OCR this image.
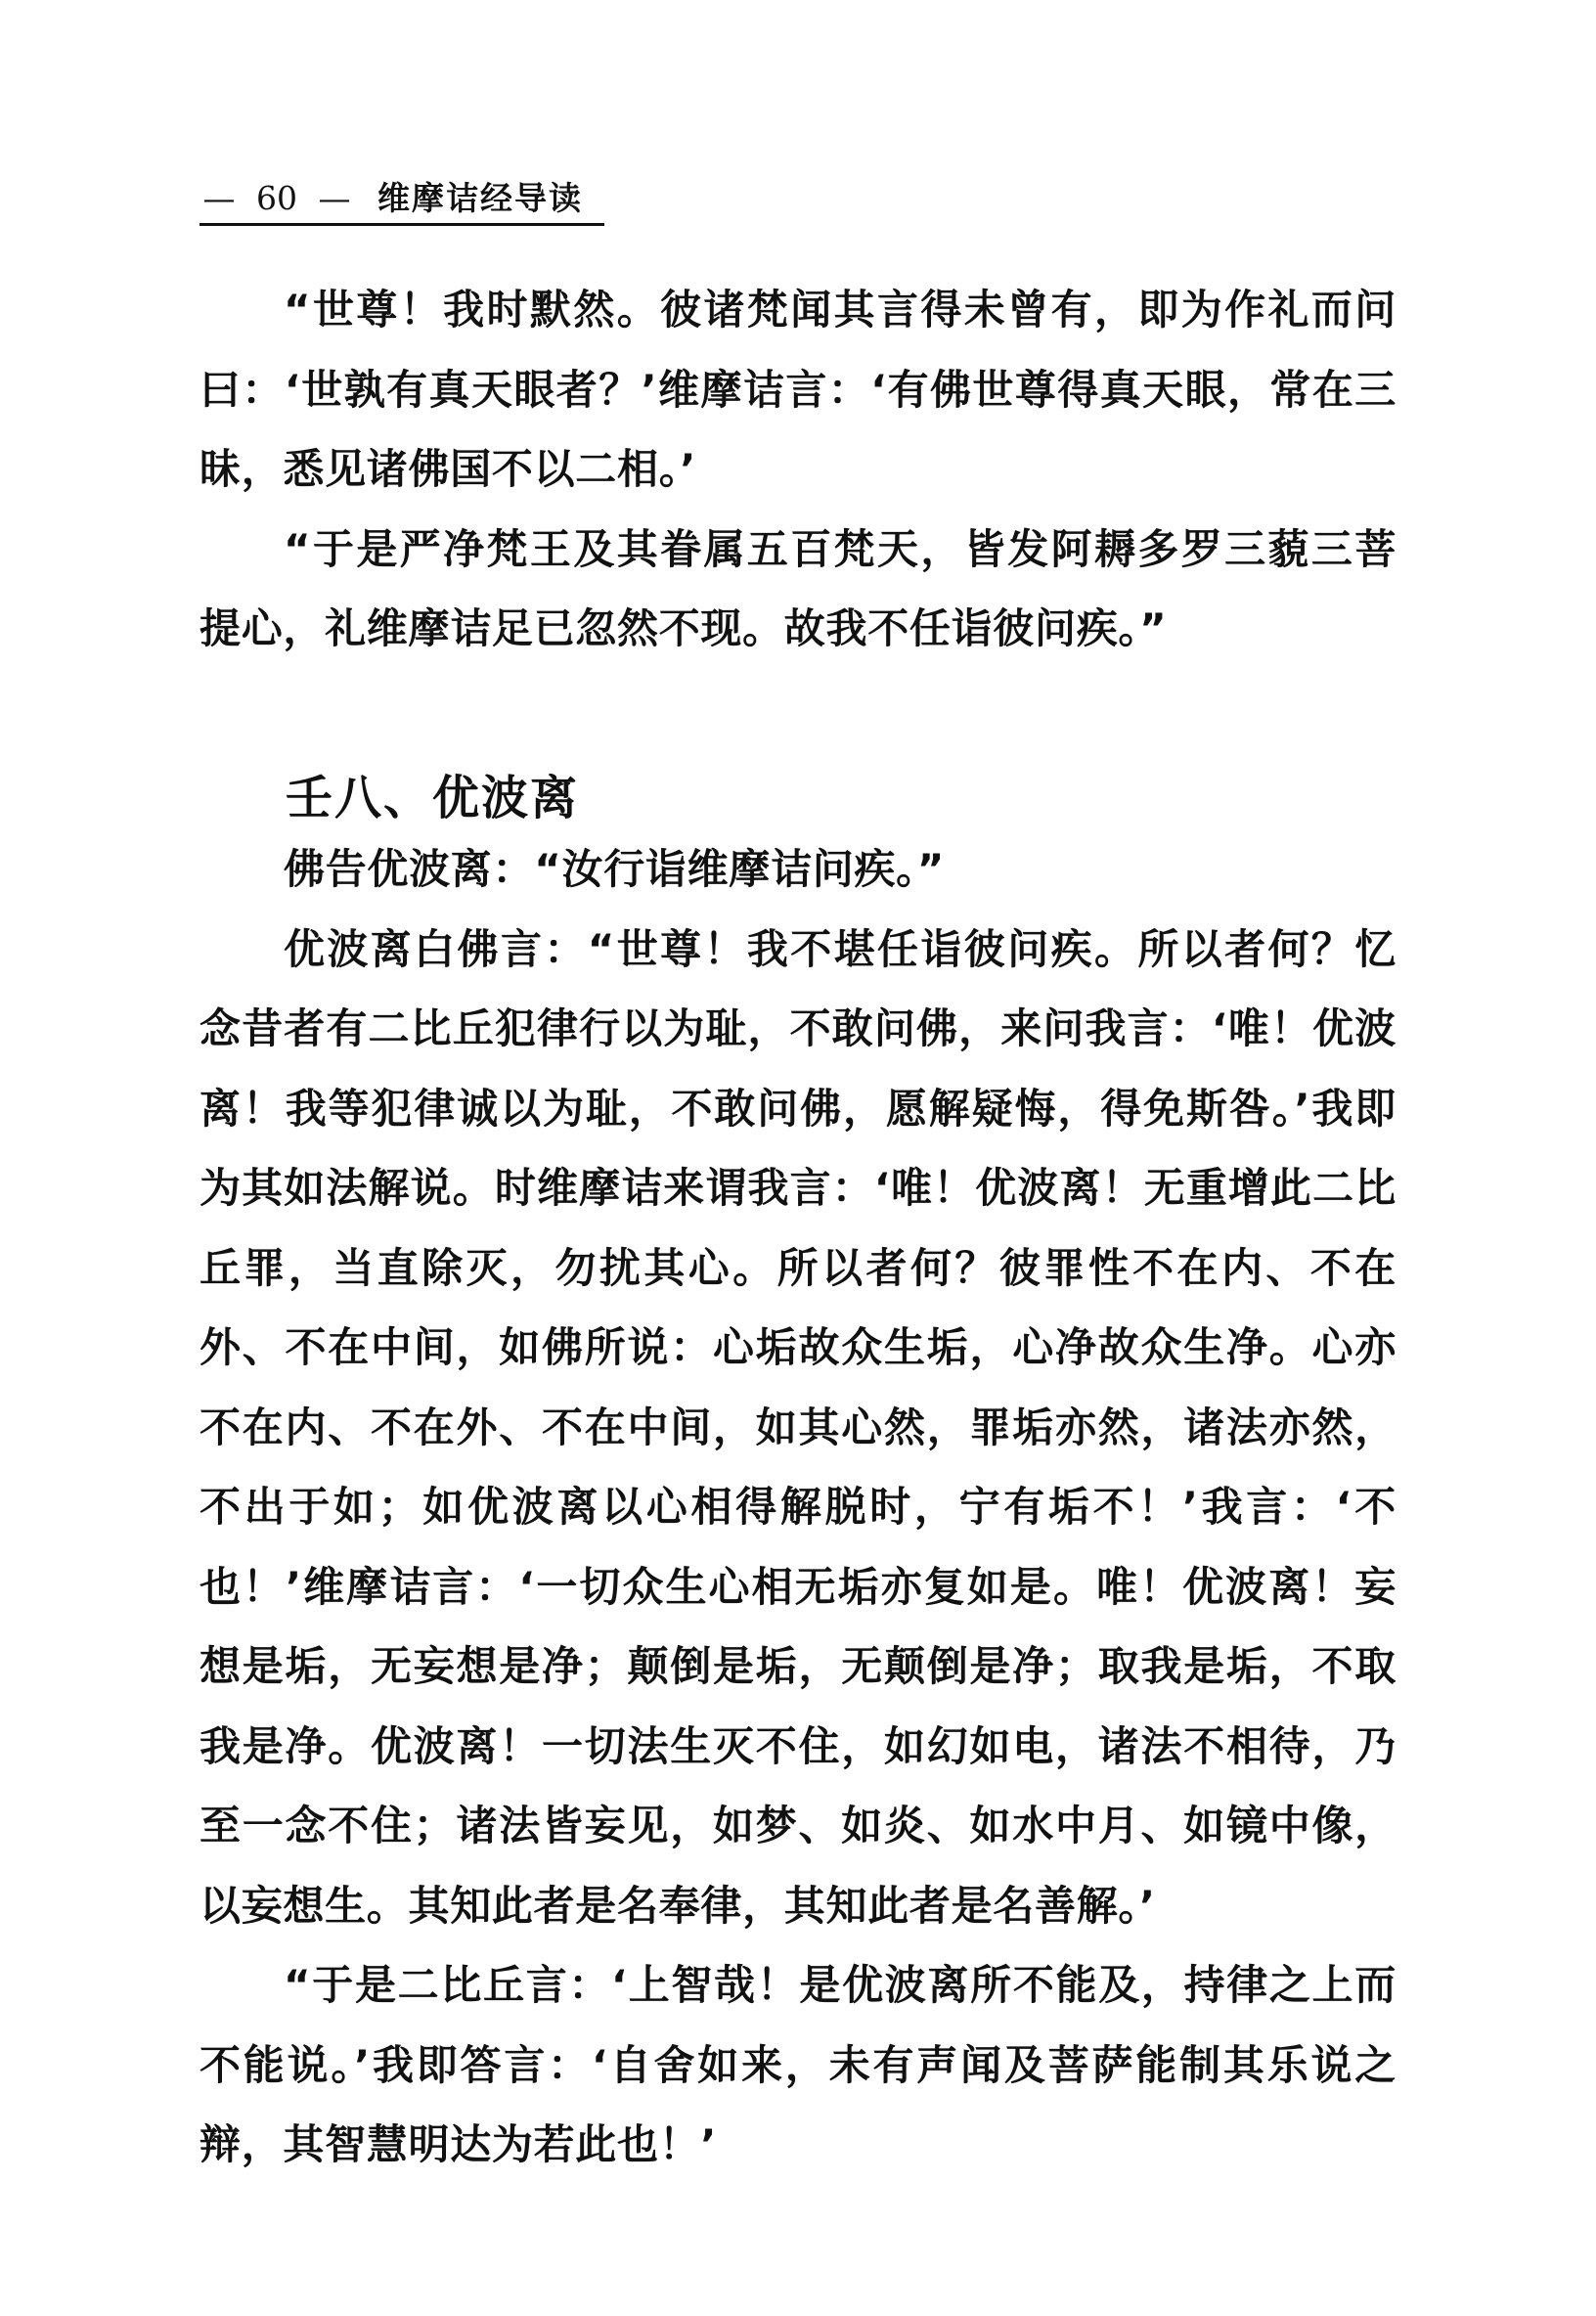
— 60 — 维摩诘经导读

“世尊！我时默然。彼诸梵闻其言得未曾有，即为作礼而问曰：‘世孰有真天眼者？’维摩诘言：‘有佛世尊得真天眼，常在三昧，悉见诸佛国不以二相。’

“于是严净梵王及其眷属五百梵天，皆发阿耨多罗三藐三菩提心，礼维摩诘足已忽然不现。故我不任诣彼问疾。”

壬八、优波离

佛告优波离：“汝行诣维摩诘问疾。”

优波离白佛言：“世尊！我不堪任诣彼问疾。所以者何？忆念昔者有二比丘犯律行以为耻，不敢问佛，来问我言：‘唯！优波离！我等犯律诚以为耻，不敢问佛，愿解疑悔，得免斯咎。’我即为其如法解说。时维摩诘来谓我言：‘唯！优波离！无重增此二比丘罪，当直除灭，勿扰其心。所以者何？彼罪性不在内、不在外、不在中间，如佛所说：心垢故众生垢，心净故众生净。心亦不在内、不在外、不在中间，如其心然，罪垢亦然，诸法亦然，不出于如；如优波离以心相得解脱时，宁有垢不！’我言：‘不也！’维摩诘言：‘一切众生心相无垢亦复如是。唯！优波离！妄想是垢，无妄想是净；颠倒是垢，无颠倒是净；取我是垢，不取我是净。优波离！一切法生灭不住，如幻如电，诸法不相待，乃至一念不住；诸法皆妄见，如梦、如炎、如水中月、如镜中像，以妄想生。其知此者是名奉律，其知此者是名善解。’

“于是二比丘言：‘上智哉！是优波离所不能及，持律之上而不能说。’我即答言：‘自舍如来，未有声闻及菩萨能制其乐说之辩，其智慧明达为若此也！’
